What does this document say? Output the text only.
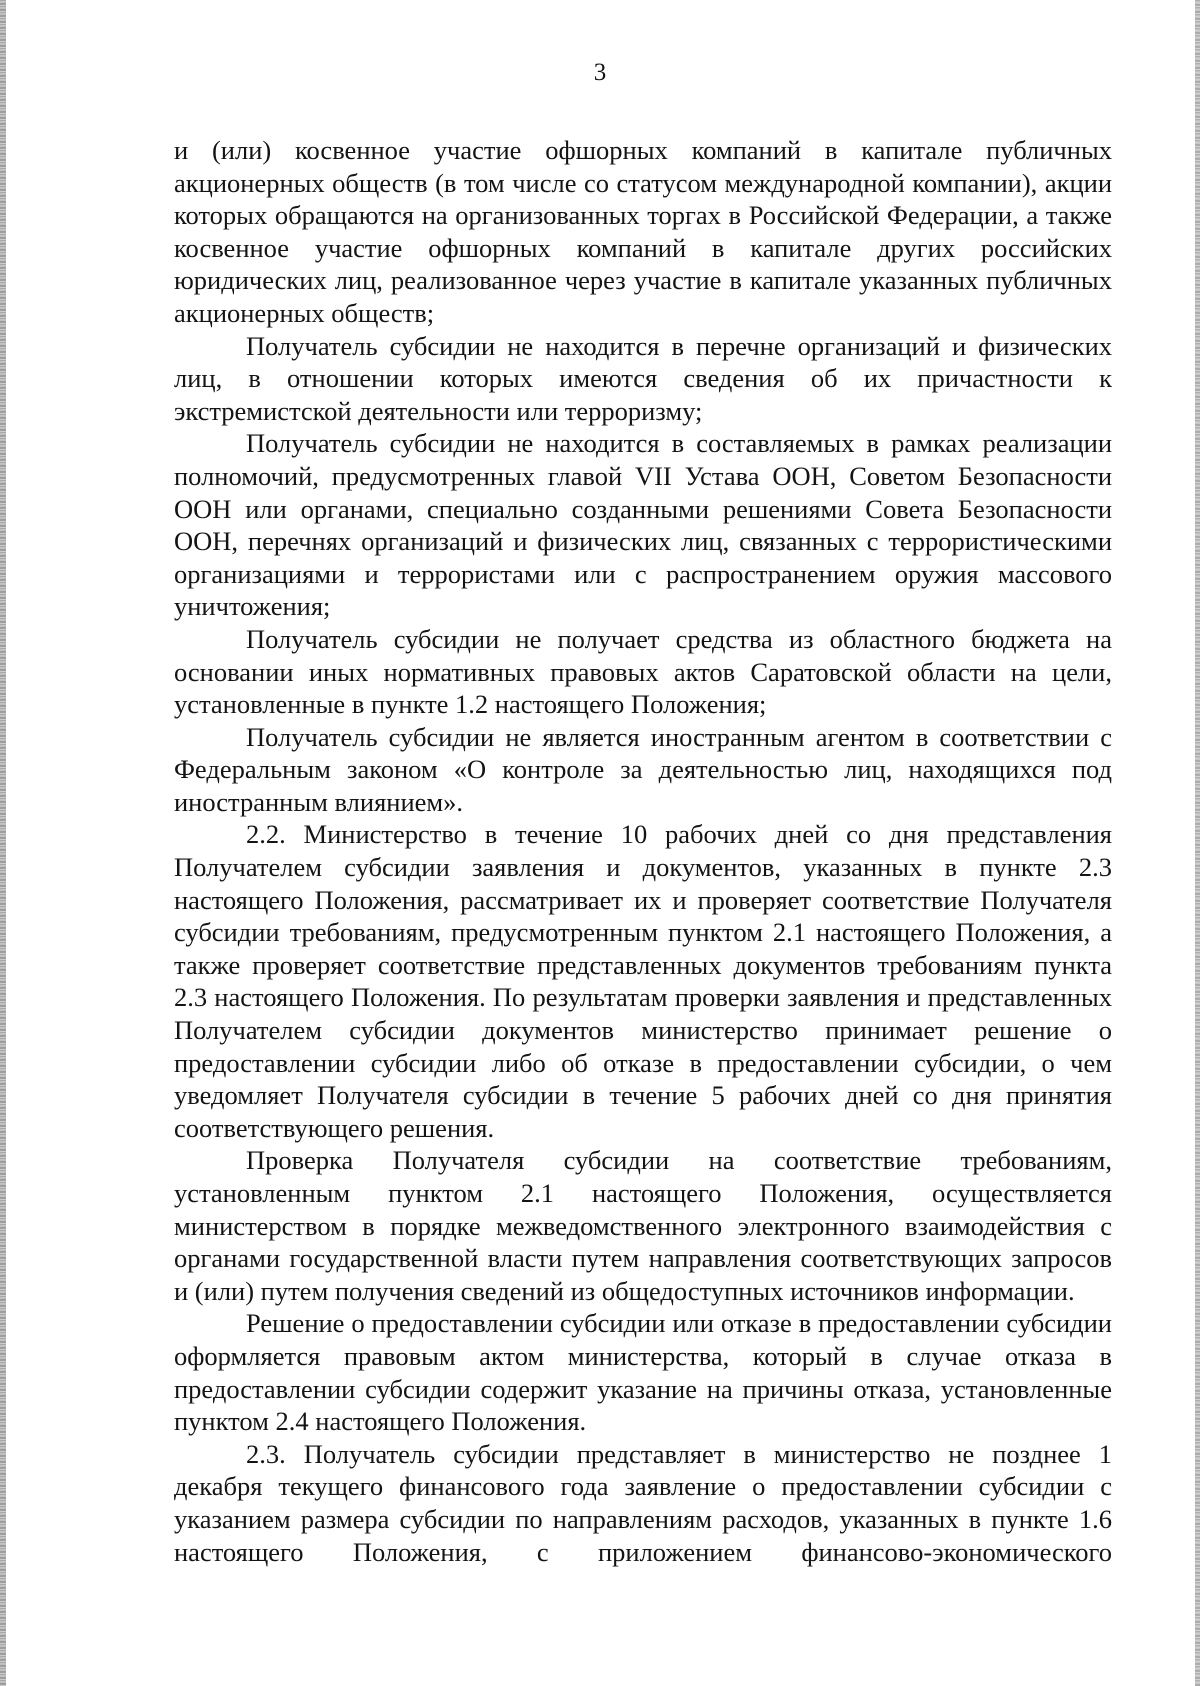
3

и (или) косвенное участие офшорных компаний в капитале публичных акционерных обществ (в том числе со статусом международной компании), акции которых обращаются на организованных торгах в Российской Федерации, а также косвенное участие офшорных компаний в капитале других российских юридических лиц, реализованное через участие в капитале указанных публичных акционерных обществ;

Получатель субсидии не находится в перечне организаций и физических лиц, в отношении которых имеются сведения об их причастности к экстремистской деятельности или терроризму;

Получатель субсидии не находится в составляемых в рамках реализации полномочий, предусмотренных главой VII Устава ООН, Советом Безопасности ООН или органами, специально созданными решениями Совета Безопасности ООН, перечнях организаций и физических лиц, связанных с террористическими организациями и террористами или с распространением оружия массового уничтожения;

Получатель субсидии не получает средства из областного бюджета на основании иных нормативных правовых актов Саратовской области на цели, установленные в пункте 1.2 настоящего Положения;

Получатель субсидии не является иностранным агентом в соответствии с Федеральным законом «О контроле за деятельностью лиц, находящихся под иностранным влиянием».

2.2. Министерство в течение 10 рабочих дней со дня представления Получателем субсидии заявления и документов, указанных в пункте 2.3 настоящего Положения, рассматривает их и проверяет соответствие Получателя субсидии требованиям, предусмотренным пунктом 2.1 настоящего Положения, а также проверяет соответствие представленных документов требованиям пункта 2.3 настоящего Положения. По результатам проверки заявления и представленных Получателем субсидии документов министерство принимает решение о предоставлении субсидии либо об отказе в предоставлении субсидии, о чем уведомляет Получателя субсидии в течение 5 рабочих дней со дня принятия соответствующего решения.

Проверка Получателя субсидии на соответствие требованиям, установленным пунктом 2.1 настоящего Положения, осуществляется министерством в порядке межведомственного электронного взаимодействия с органами государственной власти путем направления соответствующих запросов и (или) путем получения сведений из общедоступных источников информации.

Решение о предоставлении субсидии или отказе в предоставлении субсидии оформляется правовым актом министерства, который в случае отказа в предоставлении субсидии содержит указание на причины отказа, установленные пунктом 2.4 настоящего Положения.

2.3. Получатель субсидии представляет в министерство не позднее 1 декабря текущего финансового года заявление о предоставлении субсидии с указанием размера субсидии по направлениям расходов, указанных в пункте 1.6 настоящего Положения, с приложением финансово-экономического
